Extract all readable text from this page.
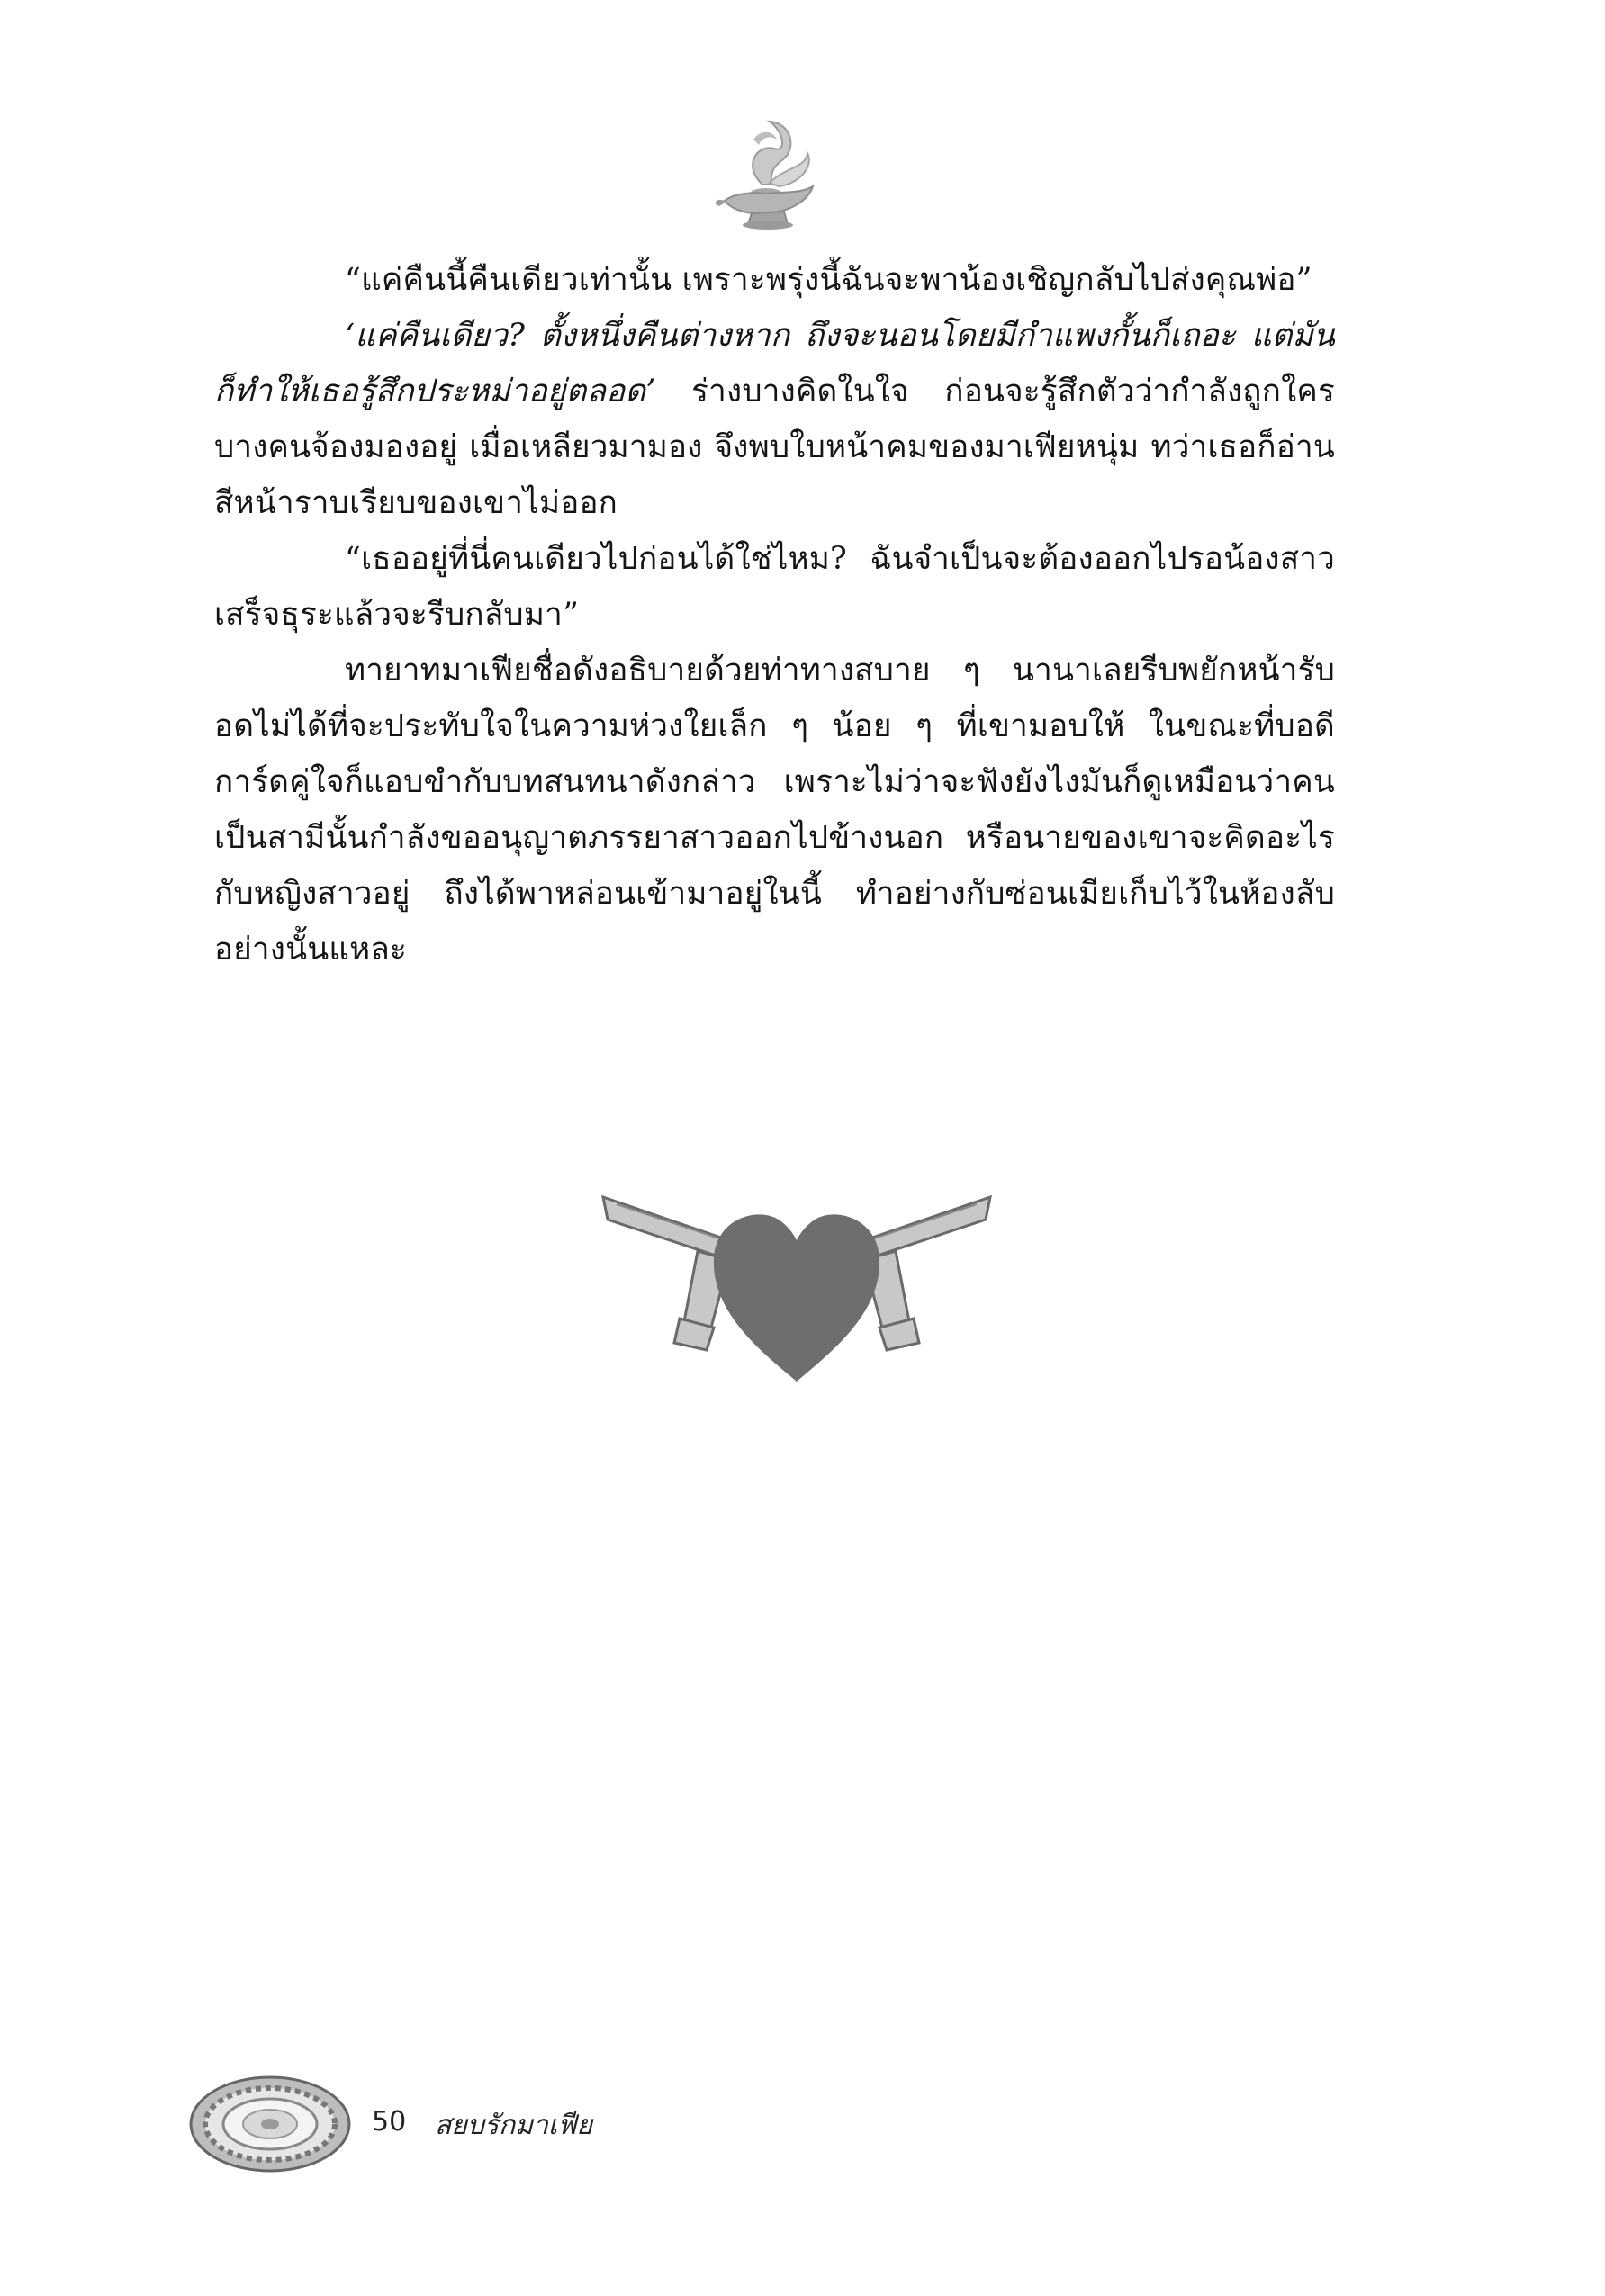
“แค่คืนนี้คืนเดียวเท่านั้น เพราะพรุ่งนี้ฉันจะพาน้องเชิญกลับไปส่งคุณพ่อ”

‘แค่คืนเดียว? ตั้งหนึ่งคืนต่างหาก ถึงจะนอนโดยมีกำแพงกั้นก็เถอะ แต่มันก็ทำให้เธอรู้สึกประหม่าอยู่ตลอด’ ร่างบางคิดในใจ ก่อนจะรู้สึกตัวว่ากำลังถูกใครบางคนจ้องมองอยู่ เมื่อเหลียวมามอง จึงพบใบหน้าคมของมาเฟียหนุ่ม ทว่าเธอก็อ่านสีหน้าราบเรียบของเขาไม่ออก

“เธออยู่ที่นี่คนเดียวไปก่อนได้ใช่ไหม? ฉันจำเป็นจะต้องออกไปรอน้องสาว เสร็จธุระแล้วจะรีบกลับมา”

ทายาทมาเฟียชื่อดังอธิบายด้วยท่าทางสบาย ๆ นานาเลยรีบพยักหน้ารับ อดไม่ได้ที่จะประทับใจในความห่วงใยเล็ก ๆ น้อย ๆ ที่เขามอบให้ ในขณะที่บอดีการ์ดคู่ใจก็แอบขำกับบทสนทนาดังกล่าว เพราะไม่ว่าจะฟังยังไงมันก็ดูเหมือนว่าคนเป็นสามีนั้นกำลังขออนุญาตภรรยาสาวออกไปข้างนอก หรือนายของเขาจะคิดอะไรกับหญิงสาวอยู่ ถึงได้พาหล่อนเข้ามาอยู่ในนี้ ทำอย่างกับซ่อนเมียเก็บไว้ในห้องลับอย่างนั้นแหละ

50 สยบรักมาเฟีย
